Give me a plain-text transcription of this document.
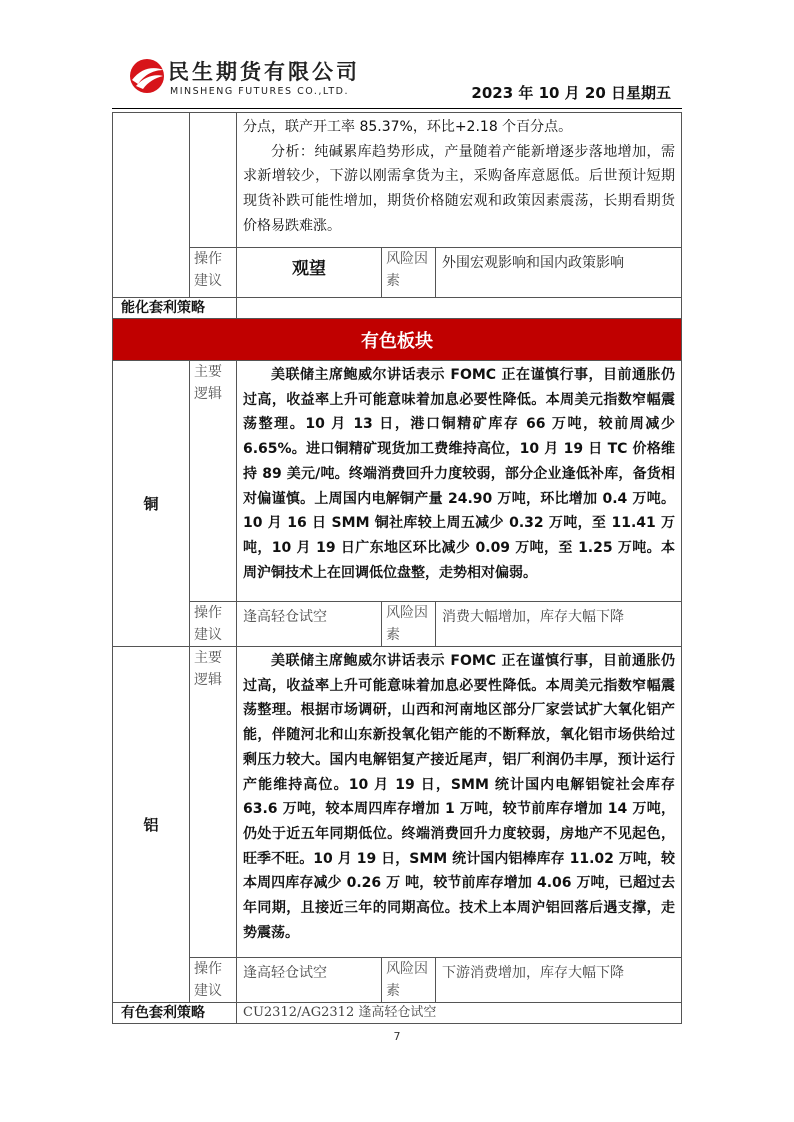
民生期货有限公司
MINSHENG FUTURES CO.,LTD.	2023 年 10 月 20 日星期五

		分点，联产开工率 85.37%，环比+2.18 个百分点。
分析：纯碱累库趋势形成，产量随着产能新增逐步落地增加，需求新增较少，下游以刚需拿货为主，采购备库意愿低。后世预计短期现货补跌可能性增加，期货价格随宏观和政策因素震荡，长期看期货价格易跌难涨。		

	操作建议	观望	风险因素	外围宏观影响和国内政策影响

能化套利策略				

有色板块				
铜	主要逻辑	美联储主席鲍威尔讲话表示 FOMC 正在谨慎行事，目前通胀仍过高，收益率上升可能意味着加息必要性降低。本周美元指数窄幅震荡整理。10 月 13 日，港口铜精矿库存 66 万吨，较前周减少 6.65%。进口铜精矿现货加工费维持高位，10 月 19 日 TC 价格维持 89 美元/吨。终端消费回升力度较弱，部分企业逢低补库，备货相对偏谨慎。上周国内电解铜产量 24.90 万吨，环比增加 0.4 万吨。10 月 16 日 SMM 铜社库较上周五减少 0.32 万吨，至 11.41 万吨，10 月 19 日广东地区环比减少 0.09 万吨，至 1.25 万吨。本周沪铜技术上在回调低位盘整，走势相对偏弱。		

	操作建议	逢高轻仓试空	风险因素	消费大幅增加，库存大幅下降

铝	主要逻辑	美联储主席鲍威尔讲话表示 FOMC 正在谨慎行事，目前通胀仍过高，收益率上升可能意味着加息必要性降低。本周美元指数窄幅震荡整理。根据市场调研，山西和河南地区部分厂家尝试扩大氧化铝产能，伴随河北和山东新投氧化铝产能的不断释放，氧化铝市场供给过剩压力较大。国内电解铝复产接近尾声，铝厂利润仍丰厚，预计运行产能维持高位。10 月 19 日，SMM 统计国内电解铝锭社会库存 63.6 万吨，较本周四库存增加 1 万吨，较节前库存增加 14 万吨，仍处于近五年同期低位。终端消费回升力度较弱，房地产不见起色，旺季不旺。10 月 19 日，SMM 统计国内铝棒库存 11.02 万吨，较本周四库存减少 0.26 万 吨，较节前库存增加 4.06 万吨，已超过去年同期，且接近三年的同期高位。技术上本周沪铝回落后遇支撑，走势震荡。		

	操作建议	逢高轻仓试空	风险因素	下游消费增加，库存大幅下降

有色套利策略		CU2312/AG2312 逢高轻仓试空		
7
